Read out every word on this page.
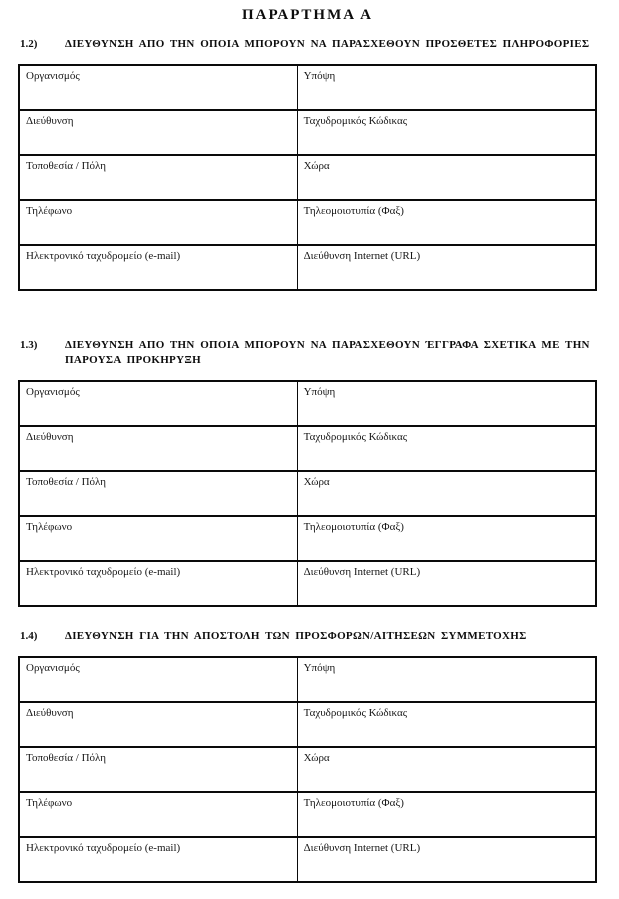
ΠΑΡΑΡΤΗΜΑ Α
1.2)	ΔΙΕΥΘΥΝΣΗ ΑΠΟ ΤΗΝ ΟΠΟΙΑ ΜΠΟΡΟΥΝ ΝΑ ΠΑΡΑΣΧΕΘΟΥΝ ΠΡΟΣΘΕΤΕΣ ΠΛΗΡΟΦΟΡΙΕΣ
Οργανισμός	Υπόψη
Διεύθυνση	Ταχυδρομικός Κώδικας
Τοποθεσία / Πόλη	Χώρα
Τηλέφωνο	Τηλεομοιοτυπία (Φαξ)
Ηλεκτρονικό ταχυδρομείο (e-mail)	Διεύθυνση Internet (URL)
1.3)	ΔΙΕΥΘΥΝΣΗ ΑΠΟ ΤΗΝ ΟΠΟΙΑ ΜΠΟΡΟΥΝ ΝΑ ΠΑΡΑΣΧΕΘΟΥΝ ΈΓΓΡΑΦΑ ΣΧΕΤΙΚΑ ΜΕ ΤΗΝ ΠΑΡΟΥΣΑ ΠΡΟΚΗΡΥΞΗ
Οργανισμός	Υπόψη
Διεύθυνση	Ταχυδρομικός Κώδικας
Τοποθεσία / Πόλη	Χώρα
Τηλέφωνο	Τηλεομοιοτυπία (Φαξ)
Ηλεκτρονικό ταχυδρομείο (e-mail)	Διεύθυνση Internet (URL)
1.4)	ΔΙΕΥΘΥΝΣΗ ΓΙΑ ΤΗΝ ΑΠΟΣΤΟΛΗ ΤΩΝ ΠΡΟΣΦΟΡΩΝ/ΑΙΤΗΣΕΩΝ ΣΥΜΜΕΤΟΧΗΣ
Οργανισμός	Υπόψη
Διεύθυνση	Ταχυδρομικός Κώδικας
Τοποθεσία / Πόλη	Χώρα
Τηλέφωνο	Τηλεομοιοτυπία (Φαξ)
Ηλεκτρονικό ταχυδρομείο (e-mail)	Διεύθυνση Internet (URL)
